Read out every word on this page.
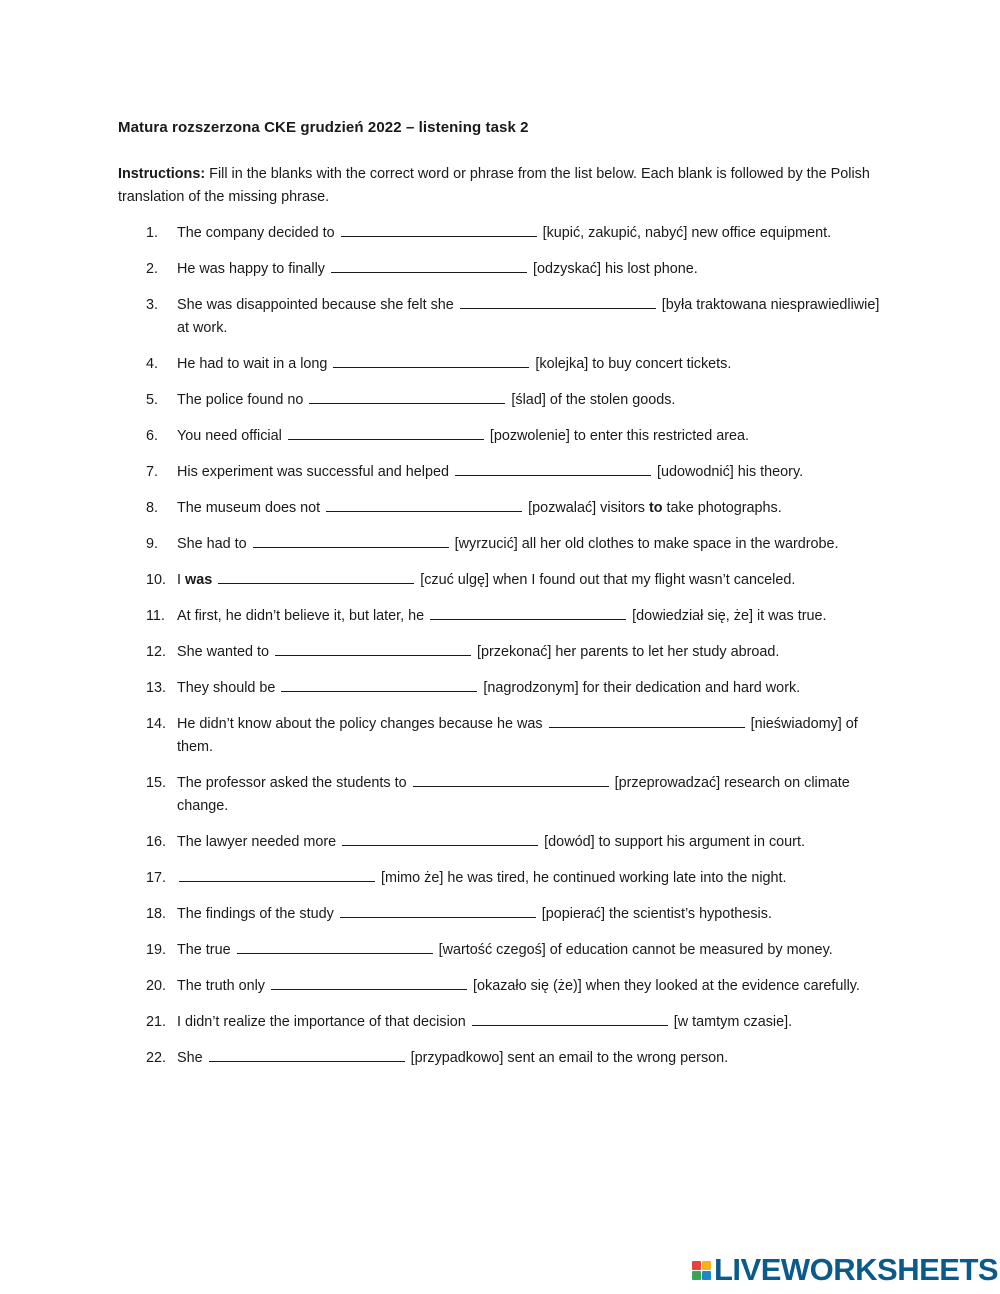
Matura rozszerzona CKE grudzień 2022 – listening task 2

Instructions: Fill in the blanks with the correct word or phrase from the list below. Each blank is followed by the Polish translation of the missing phrase.

1.	The company decided to	[kupić, zakupić, nabyć] new office equipment.
2.	He was happy to finally	[odzyskać] his lost phone.
3.	She was disappointed because she felt she	[była traktowana niesprawiedliwie] at work.
4.	He had to wait in a long	[kolejka] to buy concert tickets.
5.	The police found no	[ślad] of the stolen goods.
6.	You need official	[pozwolenie] to enter this restricted area.
7.	His experiment was successful and helped	[udowodnić] his theory.
8.	The museum does not	[pozwalać] visitors to take photographs.
9.	She had to	[wyrzucić] all her old clothes to make space in the wardrobe.
10. I was	[czuć ulgę] when I found out that my flight wasn’t canceled.
11. At first, he didn’t believe it, but later, he	[dowiedział się, że] it was true.
12. She wanted to	[przekonać] her parents to let her study abroad.
13. They should be	[nagrodzonym] for their dedication and hard work.
14. He didn’t know about the policy changes because he was	[nieświadomy] of them.
15. The professor asked the students to	[przeprowadzać] research on climate change.
16. The lawyer needed more	[dowód] to support his argument in court.
17.	[mimo że] he was tired, he continued working late into the night.
18. The findings of the study	[popierać] the scientist’s hypothesis.
19. The true	[wartość czegoś] of education cannot be measured by money.
20. The truth only	[okazało się (że)] when they looked at the evidence carefully.
21. I didn’t realize the importance of that decision	[w tamtym czasie].
22. She	[przypadkowo] sent an email to the wrong person.
LIVEWORKSHEETS
